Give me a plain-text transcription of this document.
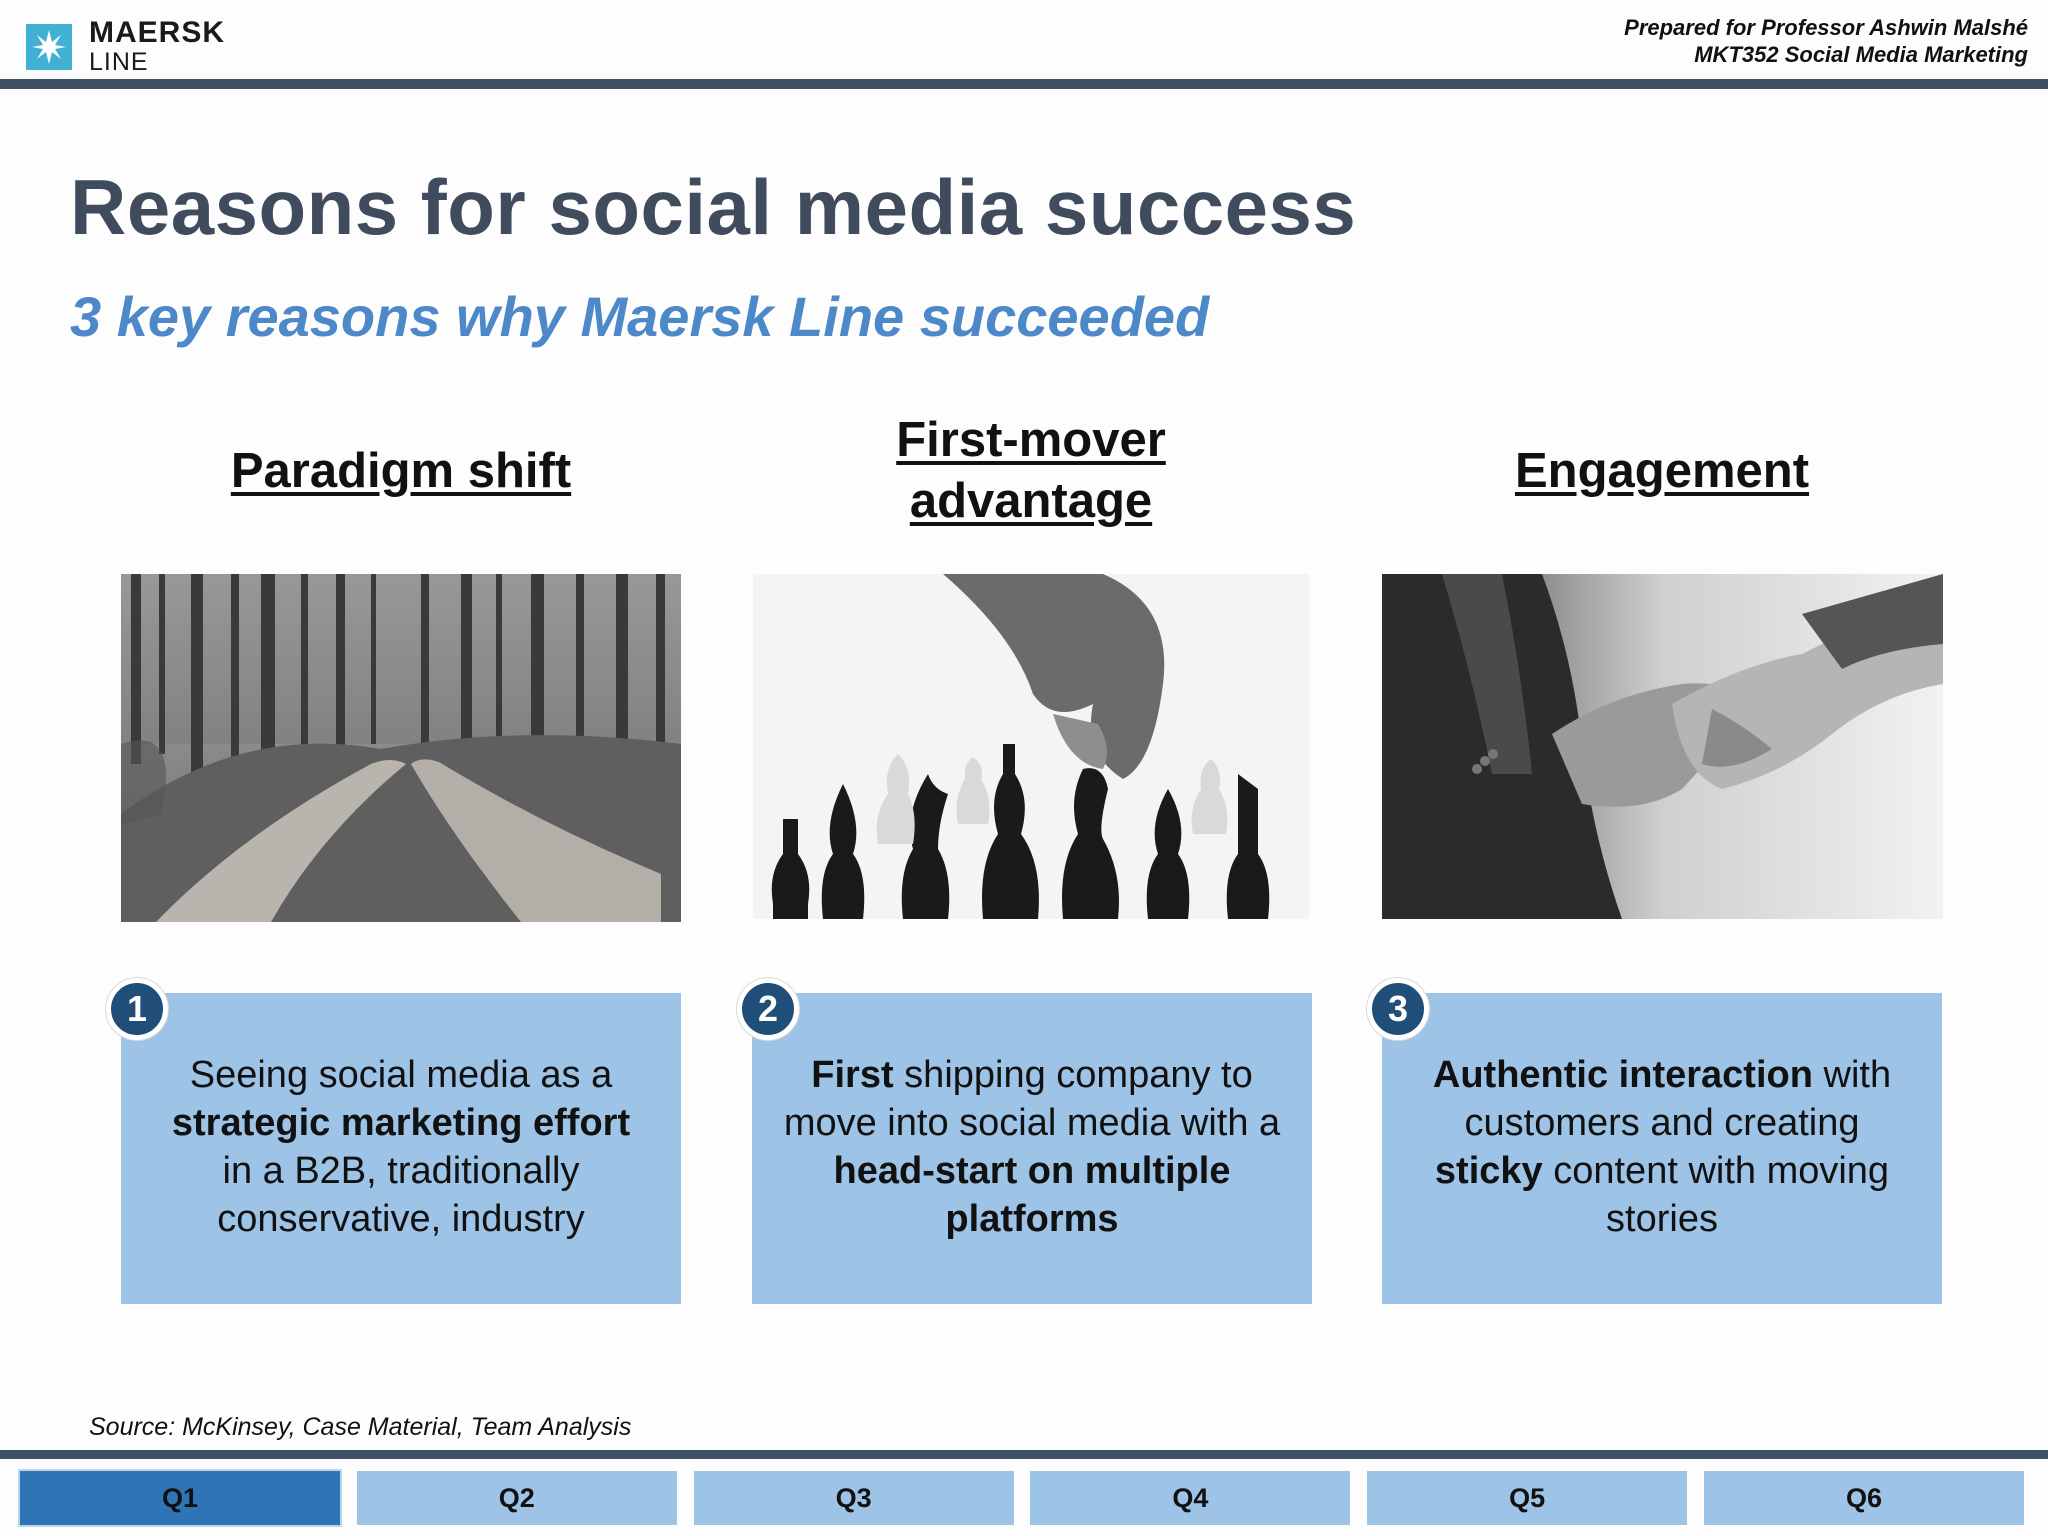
MAERSK
LINE
Prepared for Professor Ashwin Malshé
MKT352 Social Media Marketing
Reasons for social media success
3 key reasons why Maersk Line succeeded
Paradigm shift
First-mover
advantage
Engagement
Seeing social media as a
strategic marketing effort
in a B2B, traditionally conservative, industry
1
First shipping company to move into social media with a head-start on multiple platforms
2
Authentic interaction with customers and creating sticky content with moving stories
3
Source: McKinsey, Case Material, Team Analysis
Q1	Q2	Q3	Q4	Q5	Q6
